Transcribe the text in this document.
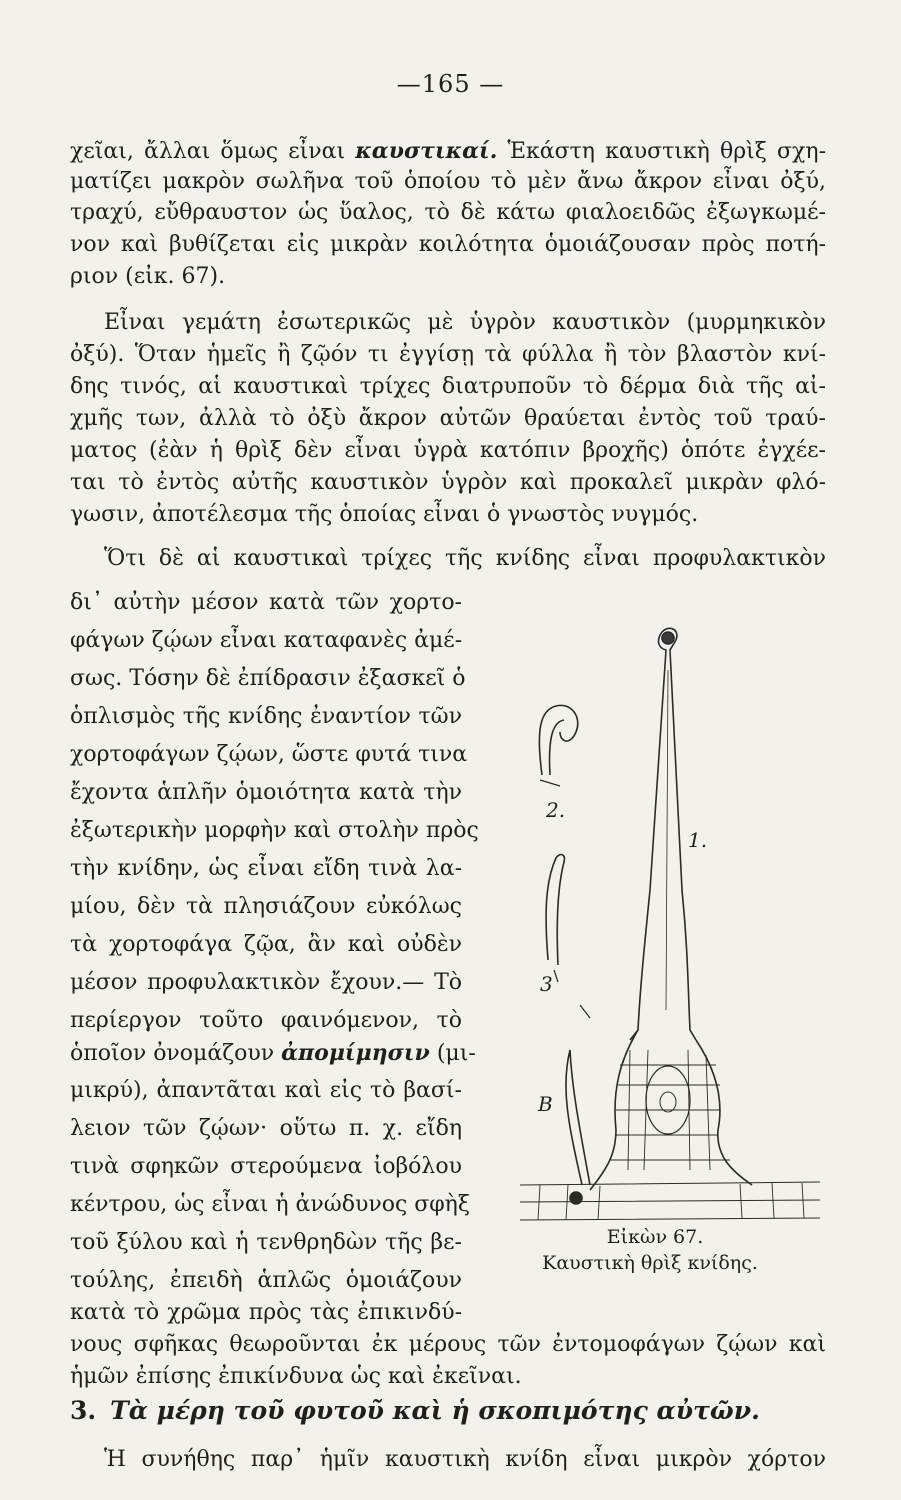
—165 —
χεῖαι, ἄλλαι ὅμως εἶναι καυστικαί. Ἑκάστη καυστικὴ θρὶξ σχη-
ματίζει μακρὸν σωλῆνα τοῦ ὁποίου τὸ μὲν ἄνω ἄκρον εἶναι ὀξύ,
τραχύ, εὔθραυστον ὡς ὕαλος, τὸ δὲ κάτω φιαλοειδῶς ἐξωγκωμέ-
νον καὶ βυθίζεται εἰς μικρὰν κοιλότητα ὁμοιάζουσαν πρὸς ποτή-
ριον (εἰκ. 67).
Εἶναι γεμάτη ἐσωτερικῶς μὲ ὑγρὸν καυστικὸν (μυρμηκικὸν
ὀξύ). Ὅταν ἡμεῖς ἢ ζῷόν τι ἐγγίσῃ τὰ φύλλα ἢ τὸν βλαστὸν κνί-
δης τινός, αἱ καυστικαὶ τρίχες διατρυποῦν τὸ δέρμα διὰ τῆς αἰ-
χμῆς των, ἀλλὰ τὸ ὀξὺ ἄκρον αὐτῶν θραύεται ἐντὸς τοῦ τραύ-
ματος (ἐὰν ἡ θρὶξ δὲν εἶναι ὑγρὰ κατόπιν βροχῆς) ὁπότε ἐγχέε-
ται τὸ ἐντὸς αὐτῆς καυστικὸν ὑγρὸν καὶ προκαλεῖ μικρὰν φλό-
γωσιν, ἀποτέλεσμα τῆς ὁποίας εἶναι ὁ γνωστὸς νυγμός.
Ὅτι δὲ αἱ καυστικαὶ τρίχες τῆς κνίδης εἶναι προφυλακτικὸν
δι᾿ αὐτὴν μέσον κατὰ τῶν χορτο-
φάγων ζῴων εἶναι καταφανὲς ἀμέ-
σως. Τόσην δὲ ἐπίδρασιν ἐξασκεῖ ὁ
ὁπλισμὸς τῆς κνίδης ἐναντίον τῶν
χορτοφάγων ζῴων, ὥστε φυτά τινα
ἔχοντα ἁπλῆν ὁμοιότητα κατὰ τὴν
ἐξωτερικὴν μορφὴν καὶ στολὴν πρὸς
τὴν κνίδην, ὡς εἶναι εἴδη τινὰ λα-
μίου, δὲν τὰ πλησιάζουν εὐκόλως
τὰ χορτοφάγα ζῷα, ἂν καὶ οὐδὲν
μέσον προφυλακτικὸν ἔχουν.— Τὸ
περίεργον τοῦτο φαινόμενον, τὸ
ὁποῖον ὀνομάζουν ἀπομίμησιν (μι-
μικρύ), ἀπαντᾶται καὶ εἰς τὸ βασί-
λειον τῶν ζῴων· οὕτω π. χ. εἴδη
τινὰ σφηκῶν στερούμενα ἰοβόλου
κέντρου, ὡς εἶναι ἡ ἀνώδυνος σφὴξ
τοῦ ξύλου καὶ ἡ τενθρηδὼν τῆς βε-
τούλης, ἐπειδὴ ἁπλῶς ὁμοιάζουν
κατὰ τὸ χρῶμα πρὸς τὰς ἐπικινδύ-
νους σφῆκας θεωροῦνται ἐκ μέρους τῶν ἐντομοφάγων ζῴων καὶ
ἡμῶν ἐπίσης ἐπικίνδυνα ὡς καὶ ἐκεῖναι.
3. Τὰ μέρη τοῦ φυτοῦ καὶ ἡ σκοπιμότης αὐτῶν.
Ἡ συνήθης παρ᾿ ἡμῖν καυστικὴ κνίδη εἶναι μικρὸν χόρτον
1.
2.
3
B
Εἰκὼν 67.
Καυστικὴ θρὶξ κνίδης.
